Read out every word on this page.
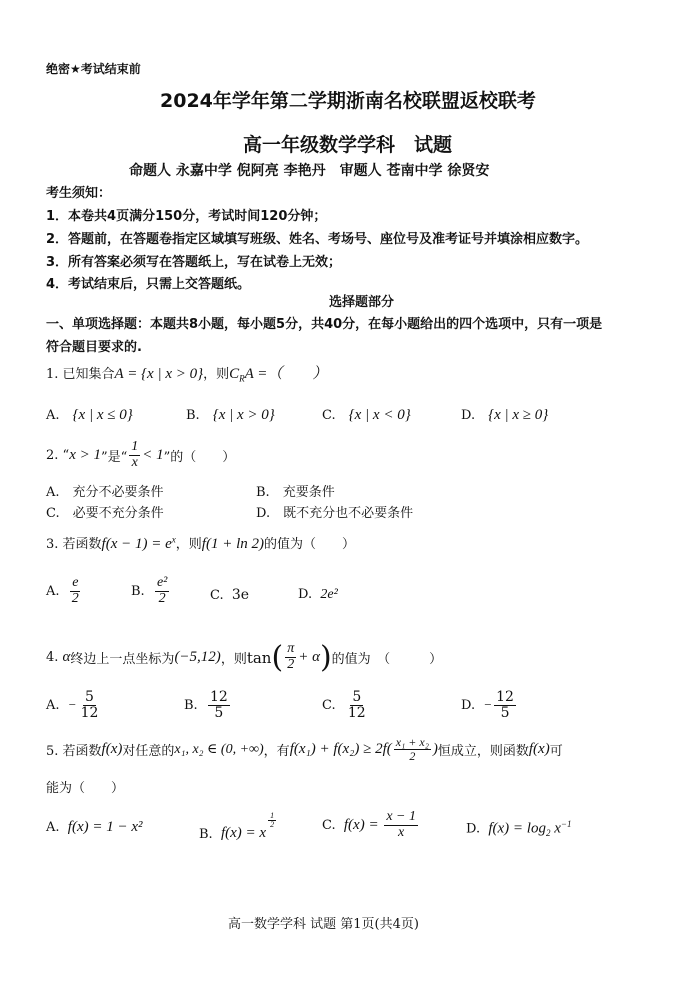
绝密★考试结束前
2024年学年第二学期浙南名校联盟返校联考
高一年级数学学科　试题
命题人 永嘉中学 倪阿亮 李艳丹　审题人 苍南中学 徐贤安
考生须知：
1．本卷共4页满分150分，考试时间120分钟；
2．答题前，在答题卷指定区域填写班级、姓名、考场号、座位号及准考证号并填涂相应数字。
3．所有答案必须写在答题纸上，写在试卷上无效；
4．考试结束后，只需上交答题纸。
选择题部分
一、单项选择题：本题共8小题，每小题5分，共40分，在每小题给出的四个选项中，只有一项是
符合题目要求的.
1. 已知集合A = {x | x > 0}，则$C_RA$ =（　　）
A.　 {x | x ≤ 0}	B.　 {x | x > 0}	C.　 {x | x < 0}	D.　 {x | x ≥ 0}
2. “ x > 1 ”是“ $\frac{1}{x} < 1$ ”的（　　）
A.　 充分不必要条件	B.　 充要条件
C.　 必要不充分条件	D.　 既不充分也不必要条件
3. 若函数$f(x - 1) = e^x$，则f(1 + ln 2)的值为（　　）
A.
$\frac{e}{2}$	B.
$\frac{\text{e²}}{2}$	C. 3e	D. 2e²
4.
α 终边上一点坐标为 (−5,12) ，则 tan ( $\frac{\pi}{2} + \alpha$ ) 的值为　（　　　）
A.
− $\frac{5}{12}$	B.
$\frac{12}{5}$	C.
$\frac{5}{12}$	D.
− $\frac{12}{5}$
5. 若函数 f(x) 对任意的 x₁, x₂ ∈ (0, +∞) ，有 $f(x_1) + f(x_2) \ge 2f( \frac{\text{x₁ + x₂}}{2}$ ) 恒成立，则函数 f(x) 可
能为（　　）
A. f(x) = 1 − x²	B.
f(x) = x
$\frac{1}{2}$	C.
$f(x) = \frac{x - 1}{x}$	D. $f(x) = \log_2 x^{-1}$
高一数学学科 试题 第1页(共4页)
